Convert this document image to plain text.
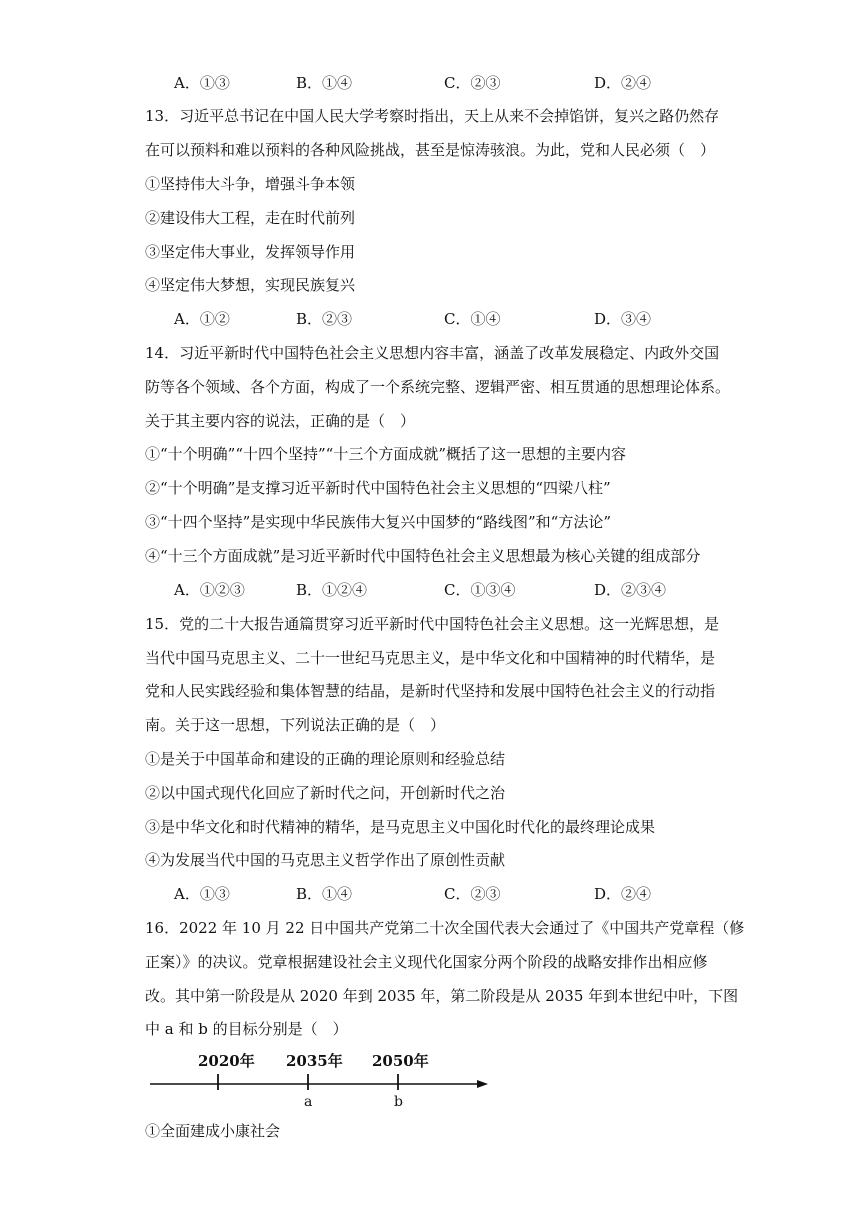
A．①③	B．①④	C．②③	D．②④
13．习近平总书记在中国人民大学考察时指出，天上从来不会掉馅饼，复兴之路仍然存
在可以预料和难以预料的各种风险挑战，甚至是惊涛骇浪。为此，党和人民必须（　）
①坚持伟大斗争，增强斗争本领
②建设伟大工程，走在时代前列
③坚定伟大事业，发挥领导作用
④坚定伟大梦想，实现民族复兴
A．①②	B．②③	C．①④	D．③④
14．习近平新时代中国特色社会主义思想内容丰富，涵盖了改革发展稳定、内政外交国
防等各个领域、各个方面，构成了一个系统完整、逻辑严密、相互贯通的思想理论体系。
关于其主要内容的说法，正确的是（　）
①“十个明确”“十四个坚持”“十三个方面成就”概括了这一思想的主要内容
②“十个明确”是支撑习近平新时代中国特色社会主义思想的“四梁八柱”
③“十四个坚持”是实现中华民族伟大复兴中国梦的“路线图”和“方法论”
④“十三个方面成就”是习近平新时代中国特色社会主义思想最为核心关键的组成部分
A．①②③	B．①②④	C．①③④	D．②③④
15．党的二十大报告通篇贯穿习近平新时代中国特色社会主义思想。这一光辉思想，是
当代中国马克思主义、二十一世纪马克思主义，是中华文化和中国精神的时代精华，是
党和人民实践经验和集体智慧的结晶，是新时代坚持和发展中国特色社会主义的行动指
南。关于这一思想，下列说法正确的是（　）
①是关于中国革命和建设的正确的理论原则和经验总结
②以中国式现代化回应了新时代之问，开创新时代之治
③是中华文化和时代精神的精华，是马克思主义中国化时代化的最终理论成果
④为发展当代中国的马克思主义哲学作出了原创性贡献
A．①③	B．①④	C．②③	D．②④
16．2022 年 10 月 22 日中国共产党第二十次全国代表大会通过了《中国共产党章程（修
正案）》的决议。党章根据建设社会主义现代化国家分两个阶段的战略安排作出相应修
改。其中第一阶段是从 2020 年到 2035 年，第二阶段是从 2035 年到本世纪中叶，下图
中 a 和 b 的目标分别是（　）
2020年 2035年 2050年
a	b
①全面建成小康社会
